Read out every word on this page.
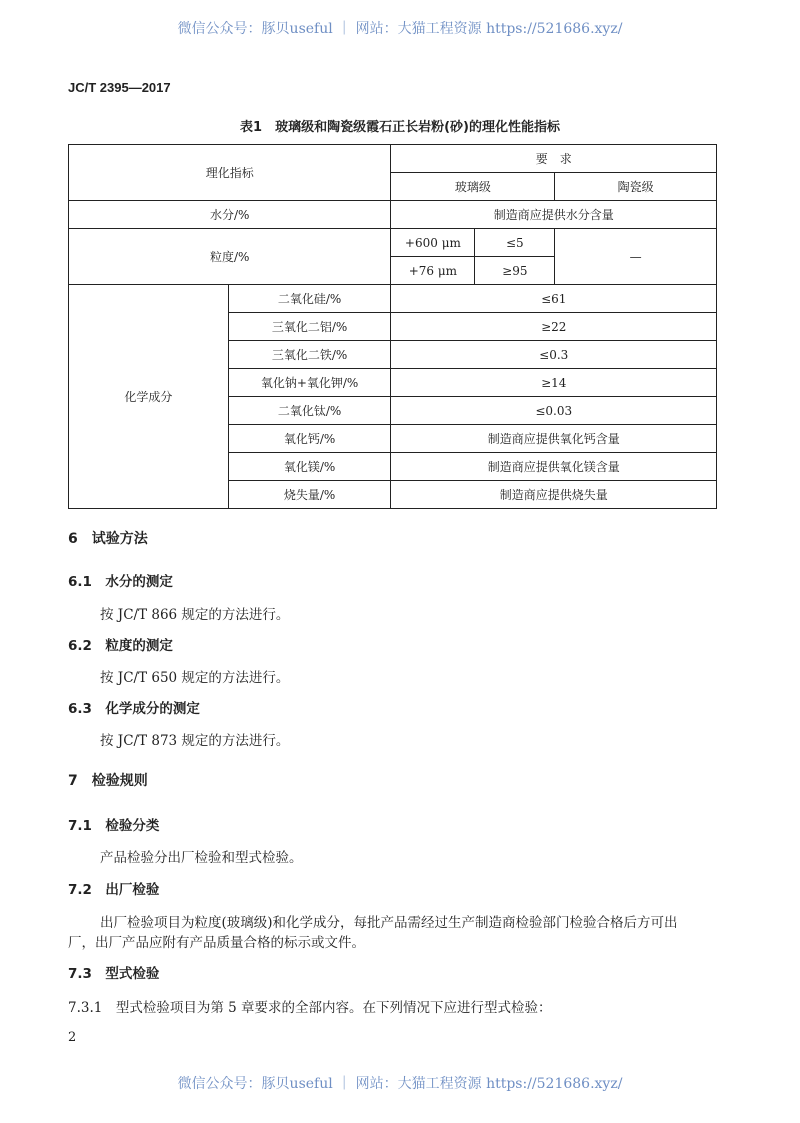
微信公众号：豚贝useful ｜ 网站：大猫工程资源 https://521686.xyz/
JC/T 2395—2017
表1　玻璃级和陶瓷级霞石正长岩粉(砂)的理化性能指标
理化指标		要　求		
		玻璃级		陶瓷级
水分/%		制造商应提供水分含量		
粒度/%		+600 μm	≤5	—
		+76 μm	≥95	
化学成分	二氧化硅/%	≤61		
	三氧化二铝/%	≥22		
	三氧化二铁/%	≤0.3		
	氧化钠+氧化钾/%	≥14		
	二氧化钛/%	≤0.03		
	氧化钙/%	制造商应提供氧化钙含量		
	氧化镁/%	制造商应提供氧化镁含量		
	烧失量/%	制造商应提供烧失量		
6　试验方法
6.1　水分的测定
按 JC/T 866 规定的方法进行。
6.2　粒度的测定
按 JC/T 650 规定的方法进行。
6.3　化学成分的测定
按 JC/T 873 规定的方法进行。
7　检验规则
7.1　检验分类
产品检验分出厂检验和型式检验。
7.2　出厂检验
出厂检验项目为粒度(玻璃级)和化学成分，每批产品需经过生产制造商检验部门检验合格后方可出
厂，出厂产品应附有产品质量合格的标示或文件。
7.3　型式检验
7.3.1　型式检验项目为第 5 章要求的全部内容。在下列情况下应进行型式检验：
2
微信公众号：豚贝useful ｜ 网站：大猫工程资源 https://521686.xyz/
